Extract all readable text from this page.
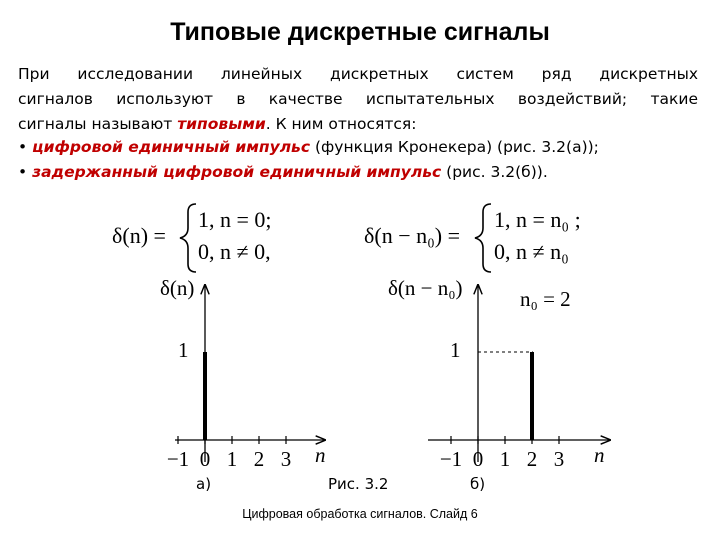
Типовые дискретные сигналы
При исследовании линейных дискретных систем ряд дискретных
сигналов используют в качестве испытательных воздействий; такие
сигналы называют типовыми. К ним относятся:
• цифровой единичный импульс (функция Кронекера) (рис. 3.2(а));
• задержанный цифровой единичный импульс (рис. 3.2(б)).
δ(n) =
1, n = 0;
0, n ≠ 0,
δ(n − n₀) =
1, n = n₀ ;
0, n ≠ n₀
δ(n)
1
n
−1 0 1 2 3
δ(n − n₀)	n₀ = 2
1
n
−1 0 1 2 3
а)	Рис. 3.2	б)
Цифровая обработка сигналов. Слайд 6
